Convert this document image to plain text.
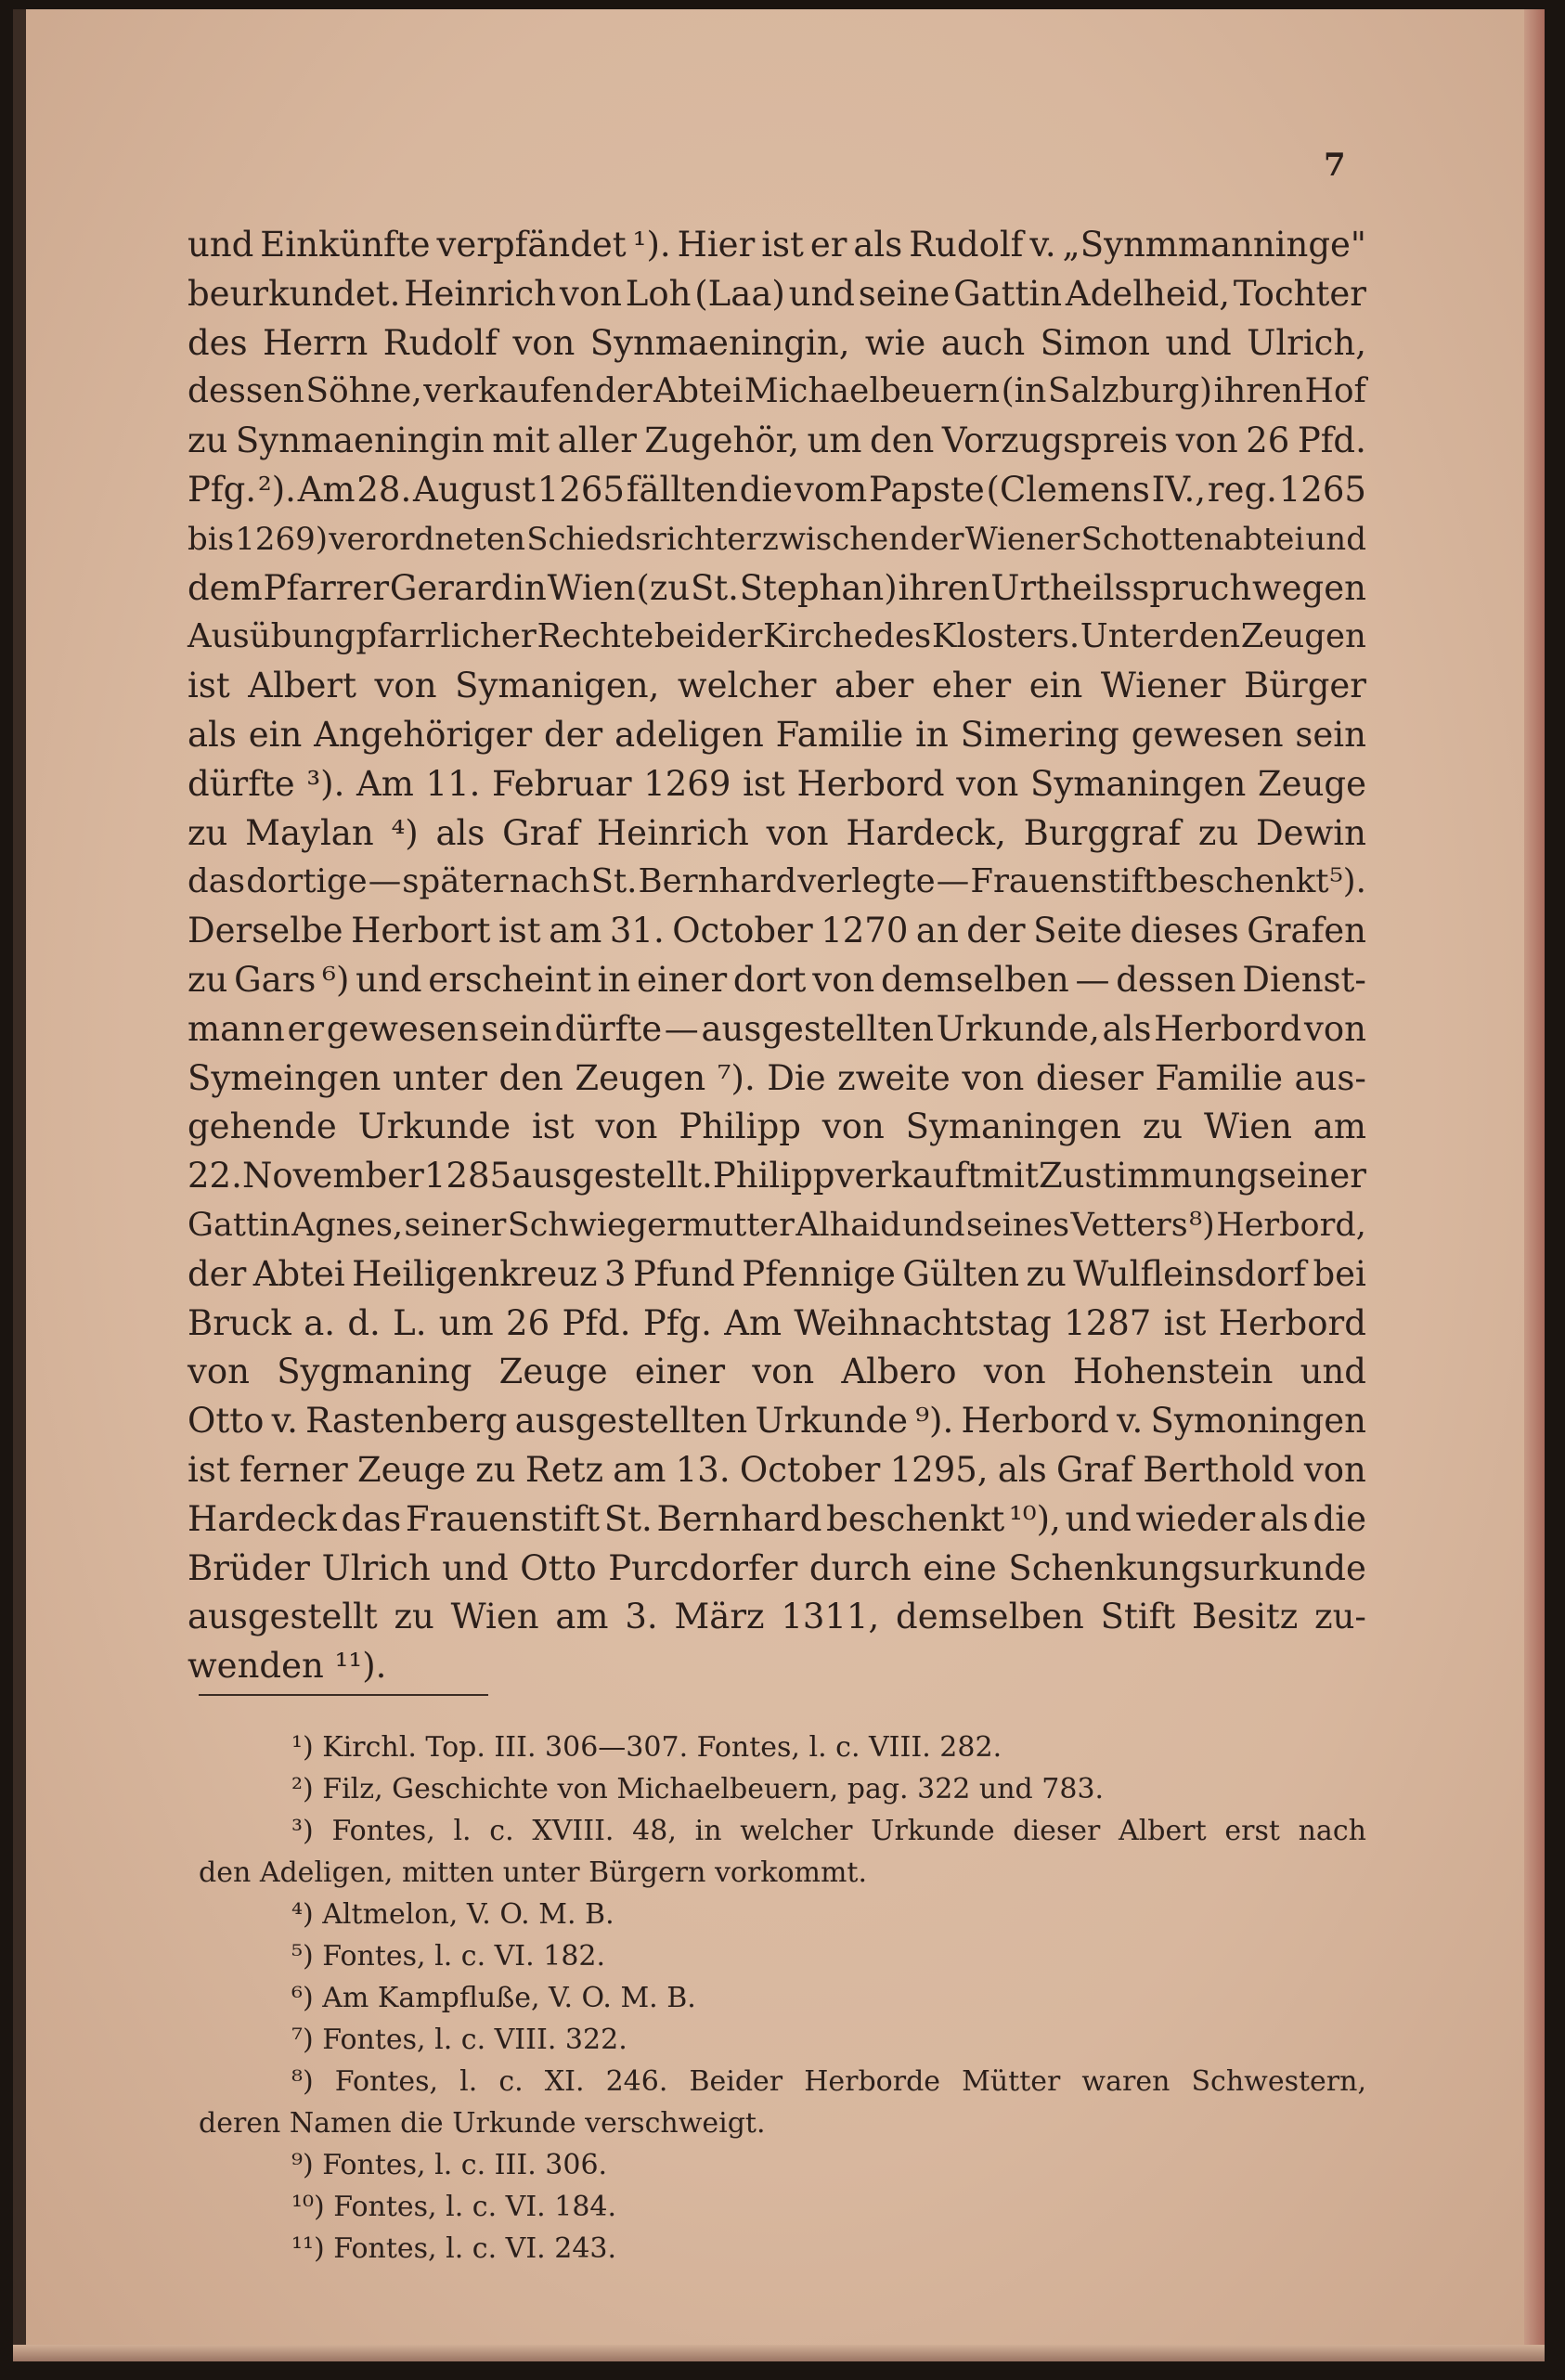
7
und Einkünfte verpfändet ¹). Hier ist er als Rudolf v. „Synmmanninge"
beurkundet. Heinrich von Loh (Laa) und seine Gattin Adelheid, Tochter
des Herrn Rudolf von Synmaeningin, wie auch Simon und Ulrich,
dessen Söhne, verkaufen der Abtei Michaelbeuern (in Salzburg) ihren Hof
zu Synmaeningin mit aller Zugehör, um den Vorzugspreis von 26 Pfd.
Pfg. ²). Am 28. August 1265 fällten die vom Papste (Clemens IV., reg. 1265
bis 1269) verordneten Schiedsrichter zwischen der Wiener Schottenabtei und
dem Pfarrer Gerard in Wien (zu St. Stephan) ihren Urtheilsspruch wegen
Ausübung pfarrlicher Rechte bei der Kirche des Klosters. Unter den Zeugen
ist Albert von Symanigen, welcher aber eher ein Wiener Bürger
als ein Angehöriger der adeligen Familie in Simering gewesen sein
dürfte ³). Am 11. Februar 1269 ist Herbord von Symaningen Zeuge
zu Maylan ⁴) als Graf Heinrich von Hardeck, Burggraf zu Dewin
das dortige — später nach St. Bernhard verlegte — Frauenstift beschenkt ⁵).
Derselbe Herbort ist am 31. October 1270 an der Seite dieses Grafen
zu Gars ⁶) und erscheint in einer dort von demselben — dessen Dienst-
mann er gewesen sein dürfte — ausgestellten Urkunde, als Herbord von
Symeingen unter den Zeugen ⁷). Die zweite von dieser Familie aus-
gehende Urkunde ist von Philipp von Symaningen zu Wien am
22. November 1285 ausgestellt. Philipp verkauft mit Zustimmung seiner
Gattin Agnes, seiner Schwiegermutter Alhaid und seines Vetters ⁸) Herbord,
der Abtei Heiligenkreuz 3 Pfund Pfennige Gülten zu Wulfleinsdorf bei
Bruck a. d. L. um 26 Pfd. Pfg. Am Weihnachtstag 1287 ist Herbord
von Sygmaning Zeuge einer von Albero von Hohenstein und
Otto v. Rastenberg ausgestellten Urkunde ⁹). Herbord v. Symoningen
ist ferner Zeuge zu Retz am 13. October 1295, als Graf Berthold von
Hardeck das Frauenstift St. Bernhard beschenkt ¹⁰), und wieder als die
Brüder Ulrich und Otto Purcdorfer durch eine Schenkungsurkunde
ausgestellt zu Wien am 3. März 1311, demselben Stift Besitz zu-
wenden ¹¹).
¹) Kirchl. Top. III. 306—307. Fontes, l. c. VIII. 282.
²) Filz, Geschichte von Michaelbeuern, pag. 322 und 783.
³) Fontes, l. c. XVIII. 48, in welcher Urkunde dieser Albert erst nach
den Adeligen, mitten unter Bürgern vorkommt.
⁴) Altmelon, V. O. M. B.
⁵) Fontes, l. c. VI. 182.
⁶) Am Kampfluße, V. O. M. B.
⁷) Fontes, l. c. VIII. 322.
⁸) Fontes, l. c. XI. 246. Beider Herborde Mütter waren Schwestern,
deren Namen die Urkunde verschweigt.
⁹) Fontes, l. c. III. 306.
¹⁰) Fontes, l. c. VI. 184.
¹¹) Fontes, l. c. VI. 243.
